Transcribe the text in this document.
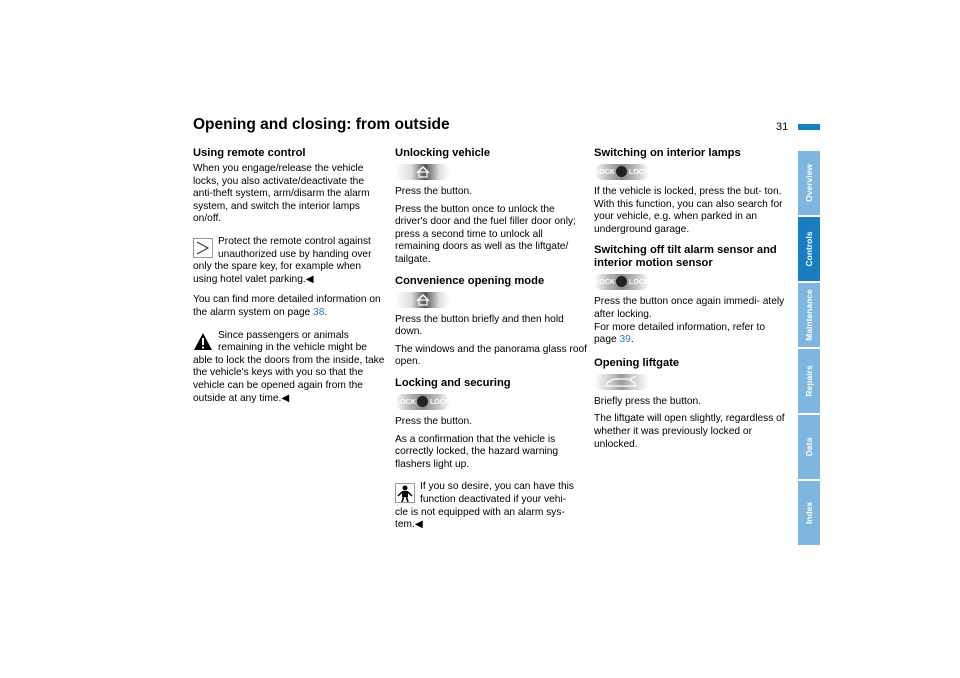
Opening and closing: from outside	31
Overview
Controls
Maintenance
Repairs
Data
Index
Using remote control

When you engage/release the vehicle locks, you also activate/deactivate the anti-theft system, arm/disarm the alarm system, and switch the interior lamps on/off.

Protect the remote control against unauthorized use by handing over
only the spare key, for example when using hotel valet parking.◀

You can find more detailed information on the alarm system on page 38.

Since passengers or animals remaining in the vehicle might be
able to lock the doors from the inside, take the vehicle's keys with you so that the vehicle can be opened again from the outside at any time.◀
Unlocking vehicle

Press the button.

Press the button once to unlock the driver's door and the fuel filler door only; press a second time to unlock all remaining doors as well as the liftgate/ tailgate.

Convenience opening mode

Press the button briefly and then hold down.

The windows and the panorama glass roof open.

Locking and securing
LOCK LOCK

Press the button.

As a confirmation that the vehicle is correctly locked, the hazard warning flashers light up.

If you so desire, you can have this function deactivated if your vehi-
cle is not equipped with an alarm sys- tem.◀
Switching on interior lamps
LOCK LOCK

If the vehicle is locked, press the but- ton.

With this function, you can also search for your vehicle, e.g. when parked in an underground garage.

Switching off tilt alarm sensor and interior motion sensor
LOCK LOCK

Press the button once again immedi- ately after locking.

For more detailed information, refer to page 39.

Opening liftgate

Briefly press the button.

The liftgate will open slightly, regardless of whether it was previously locked or unlocked.
